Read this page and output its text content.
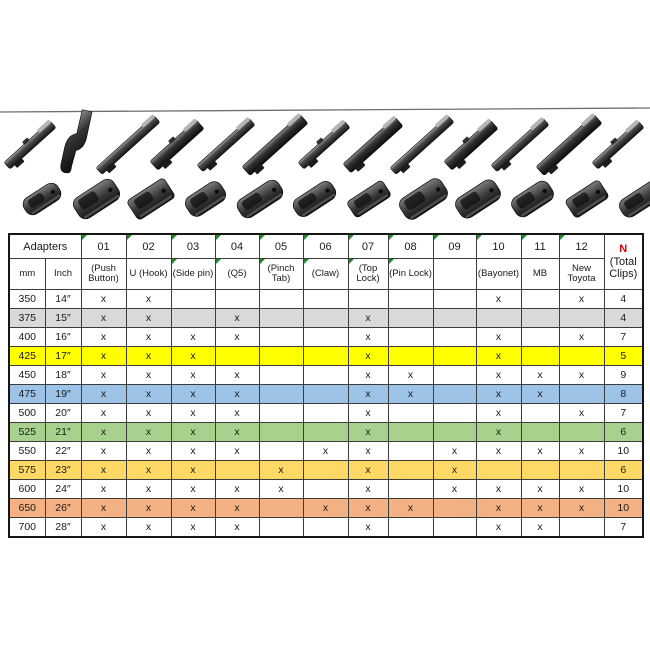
Adapters		01	02	03	04	05	06	07	08	09	10	11	12	N (Total Clips)
mm	Inch	(Push Button)	U (Hook)	(Side pin)	(Q5)	(Pinch Tab)	(Claw)	(Top Lock)	(Pin Lock)		(Bayonet)	MB	New Toyota	
350	14″	x	x								x		x	4
375	15″	x	x		x			x						4
400	16″	x	x	x	x			x			x		x	7
425	17″	x	x	x				x			x			5
450	18″	x	x	x	x			x	x		x	x	x	9
475	19″	x	x	x	x			x	x		x	x		8
500	20″	x	x	x	x			x			x		x	7
525	21″	x	x	x	x			x			x			6
550	22″	x	x	x	x		x	x		x	x	x	x	10
575	23″	x	x	x		x		x		x				6
600	24″	x	x	x	x	x		x		x	x	x	x	10
650	26″	x	x	x	x		x	x	x		x	x	x	10
700	28″	x	x	x	x			x			x	x		7
